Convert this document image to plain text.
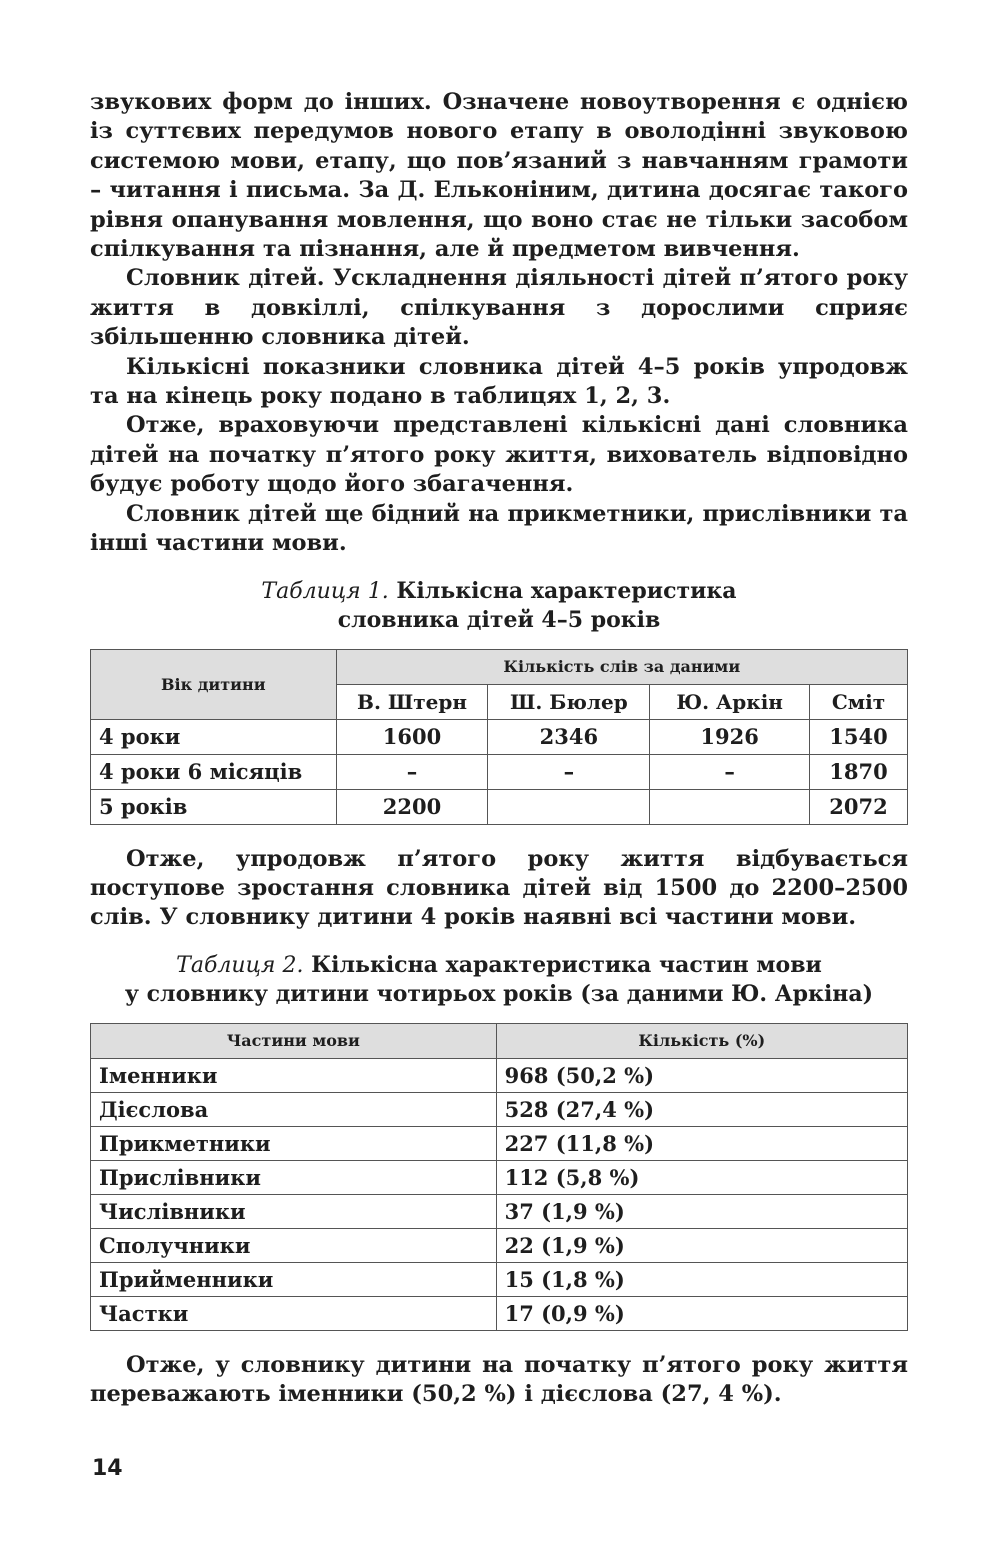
звукових форм до інших. Означене новоутворення є однією із суттєвих передумов нового етапу в оволодінні звуковою системою мови, етапу, що пов’язаний з навчанням грамоти – читання і письма. За Д. Ельконіним, дитина досягає такого рівня опанування мовлення, що воно стає не тільки засобом спілкування та пізнання, але й предметом вивчення.

Словник дітей. Ускладнення діяльності дітей п’ятого року життя в довкіллі, спілкування з дорослими сприяє збільшенню словника дітей.

Кількісні показники словника дітей 4–5 років упродовж та на кінець року подано в таблицях 1, 2, 3.

Отже, враховуючи представлені кількісні дані словника дітей на початку п’ятого року життя, вихователь відповідно будує роботу щодо його збагачення.

Словник дітей ще бідний на прикметники, прислівники та інші частини мови.

Таблиця 1. Кількісна характеристика
словника дітей 4–5 років

Вік дитини	Кількість слів за даними			
	В. Штерн	Ш. Бюлер	Ю. Аркін	Сміт
4 роки	1600	2346	1926	1540
4 роки 6 місяців	–	–	–	1870
5 років	2200			2072

Отже, упродовж п’ятого року життя відбувається поступове зростання словника дітей від 1500 до 2200–2500 слів. У словнику дитини 4 років наявні всі частини мови.

Таблиця 2. Кількісна характеристика частин мови
у словнику дитини чотирьох років (за даними Ю. Аркіна)

Частини мови	Кількість (%)
Іменники	968 (50,2 %)
Дієслова	528 (27,4 %)
Прикметники	227 (11,8 %)
Прислівники	112 (5,8 %)
Числівники	37 (1,9 %)
Сполучники	22 (1,9 %)
Прийменники	15 (1,8 %)
Частки	17 (0,9 %)

Отже, у словнику дитини на початку п’ятого року життя переважають іменники (50,2 %) і дієслова (27, 4 %).

14
